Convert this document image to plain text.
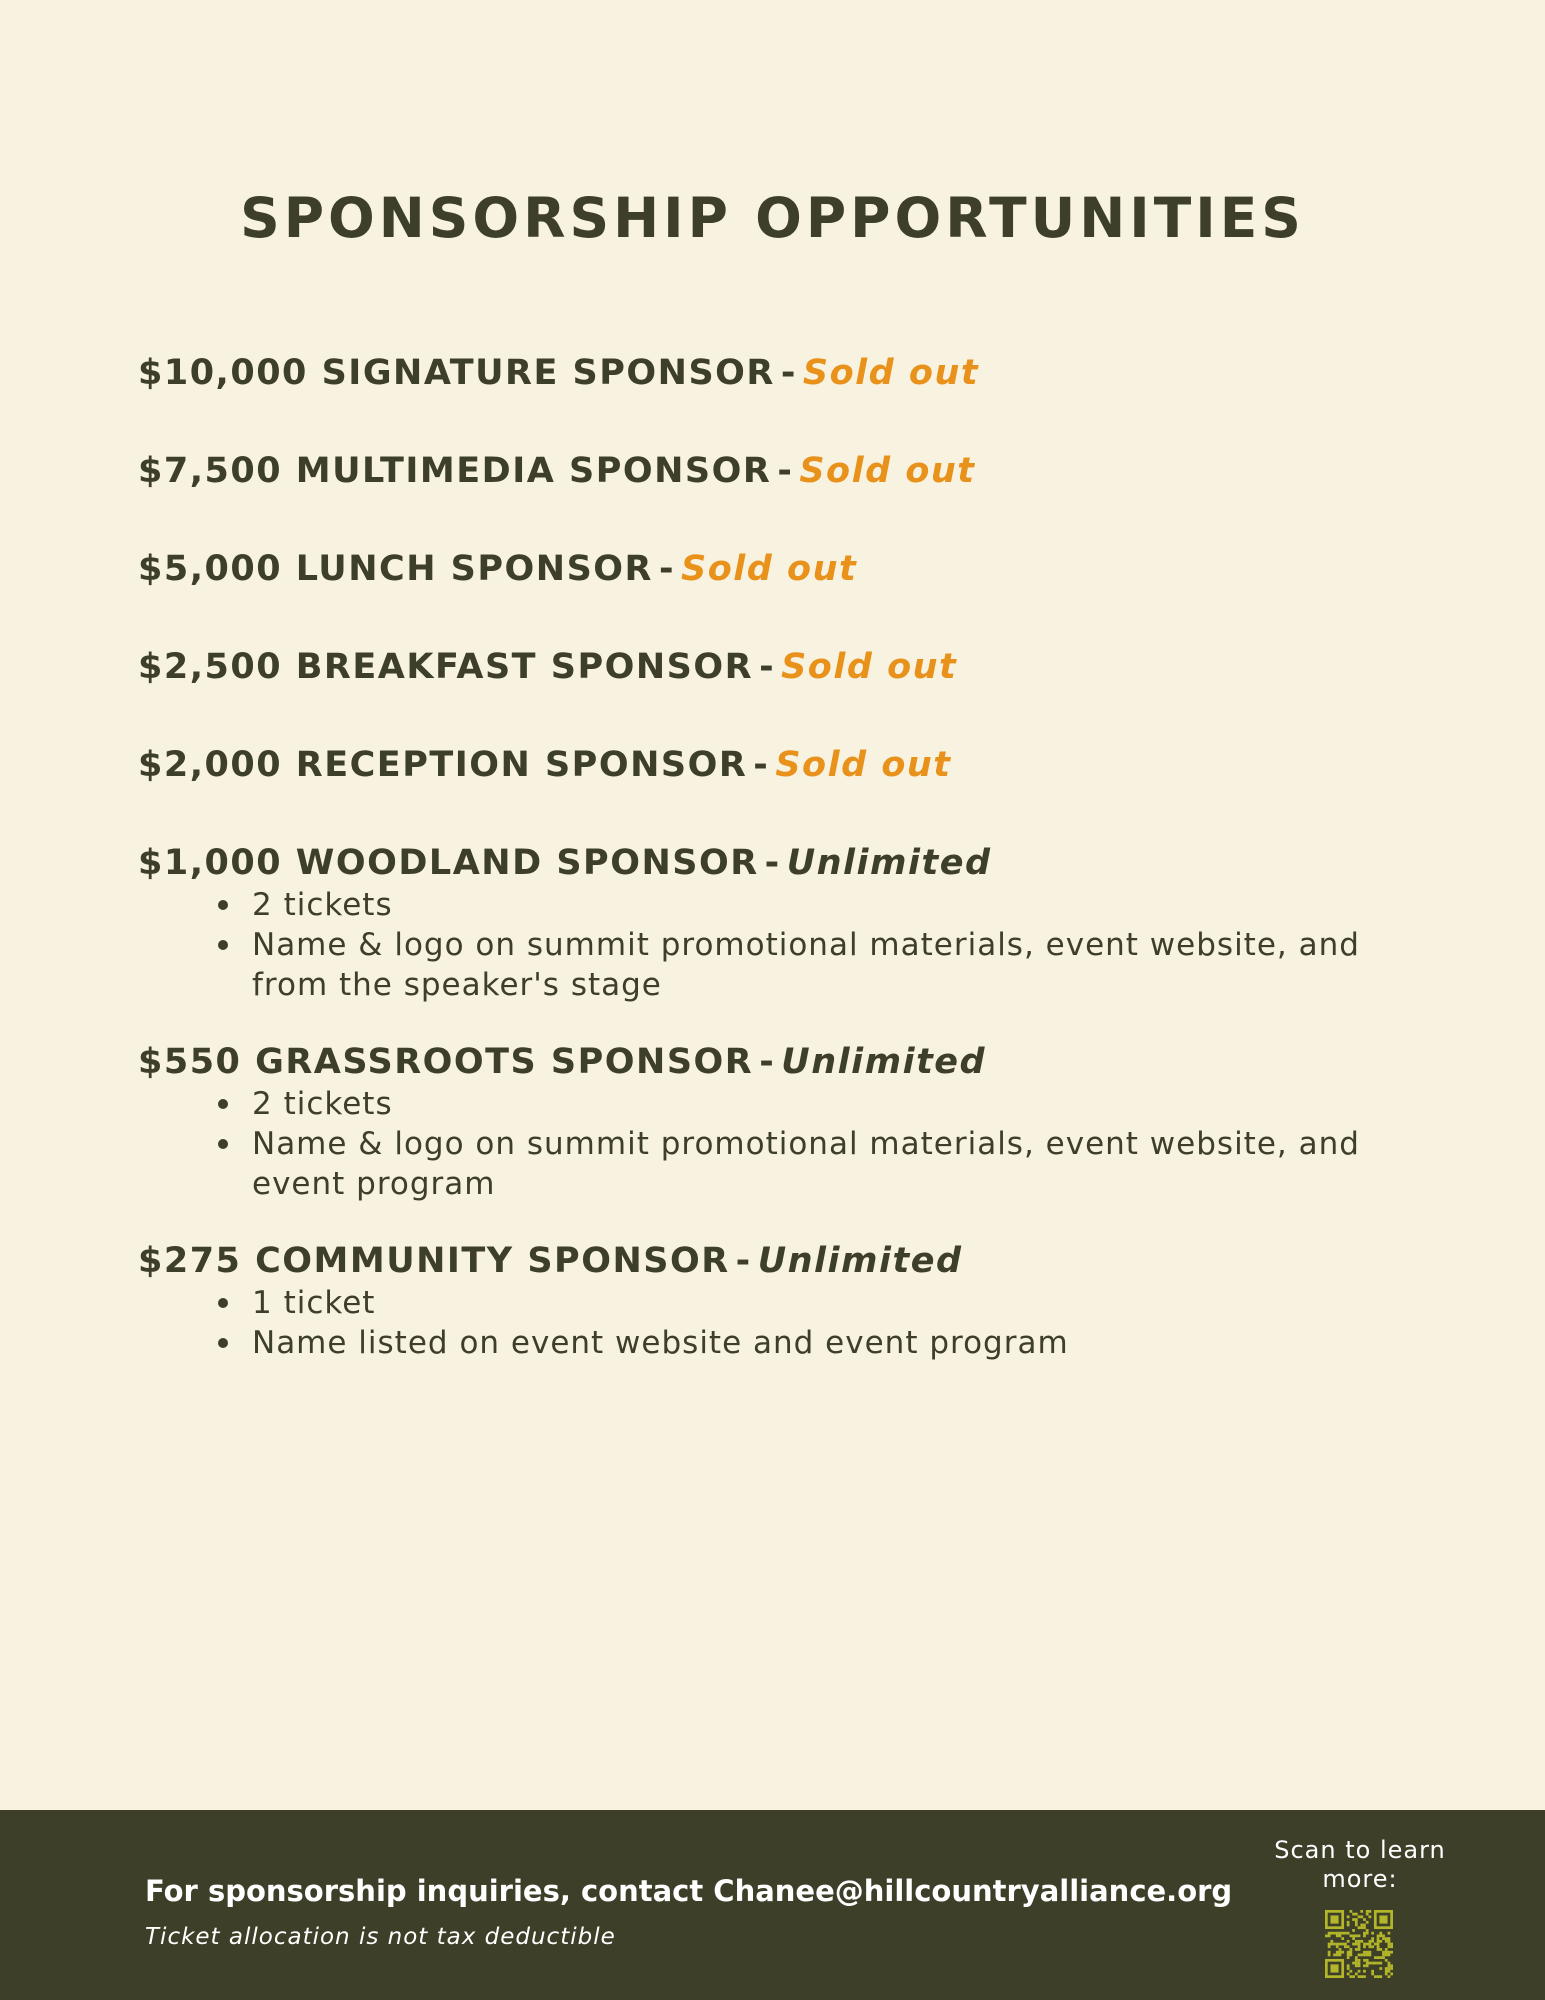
SPONSORSHIP OPPORTUNITIES
$10,000 SIGNATURE SPONSOR - Sold out
$7,500 MULTIMEDIA SPONSOR - Sold out
$5,000 LUNCH SPONSOR - Sold out
$2,500 BREAKFAST SPONSOR - Sold out
$2,000 RECEPTION SPONSOR - Sold out
$1,000 WOODLAND SPONSOR - Unlimited
2 tickets
Name & logo on summit promotional materials, event website, and from the speaker's stage
$550 GRASSROOTS SPONSOR - Unlimited
2 tickets
Name & logo on summit promotional materials, event website, and event program
$275 COMMUNITY SPONSOR - Unlimited
1 ticket
Name listed on event website and event program
For sponsorship inquiries, contact Chanee@hillcountryalliance.org
Ticket allocation is not tax deductible
Scan to learn more:
